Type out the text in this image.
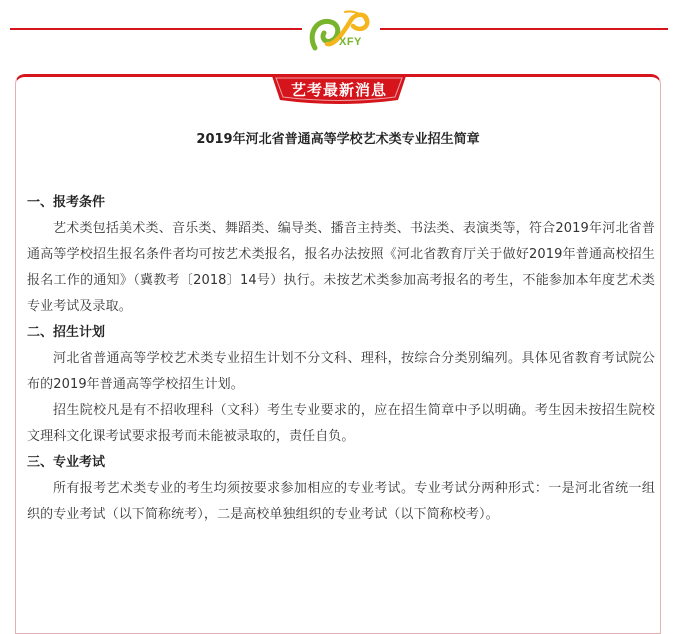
XFY
艺考最新消息
2019年河北省普通高等学校艺术类专业招生简章
一、报考条件

艺术类包括美术类、音乐类、舞蹈类、编导类、播音主持类、书法类、表演类等，符合2019年河北省普通高等学校招生报名条件者均可按艺术类报名，报名办法按照《河北省教育厅关于做好2019年普通高校招生报名工作的通知》（冀教考〔2018〕14号）执行。未按艺术类参加高考报名的考生，不能参加本年度艺术类专业考试及录取。

二、招生计划

河北省普通高等学校艺术类专业招生计划不分文科、理科，按综合分类别编列。具体见省教育考试院公布的2019年普通高等学校招生计划。

招生院校凡是有不招收理科（文科）考生专业要求的，应在招生简章中予以明确。考生因未按招生院校文理科文化课考试要求报考而未能被录取的，责任自负。

三、专业考试

所有报考艺术类专业的考生均须按要求参加相应的专业考试。专业考试分两种形式：一是河北省统一组织的专业考试（以下简称统考），二是高校单独组织的专业考试（以下简称校考）。
